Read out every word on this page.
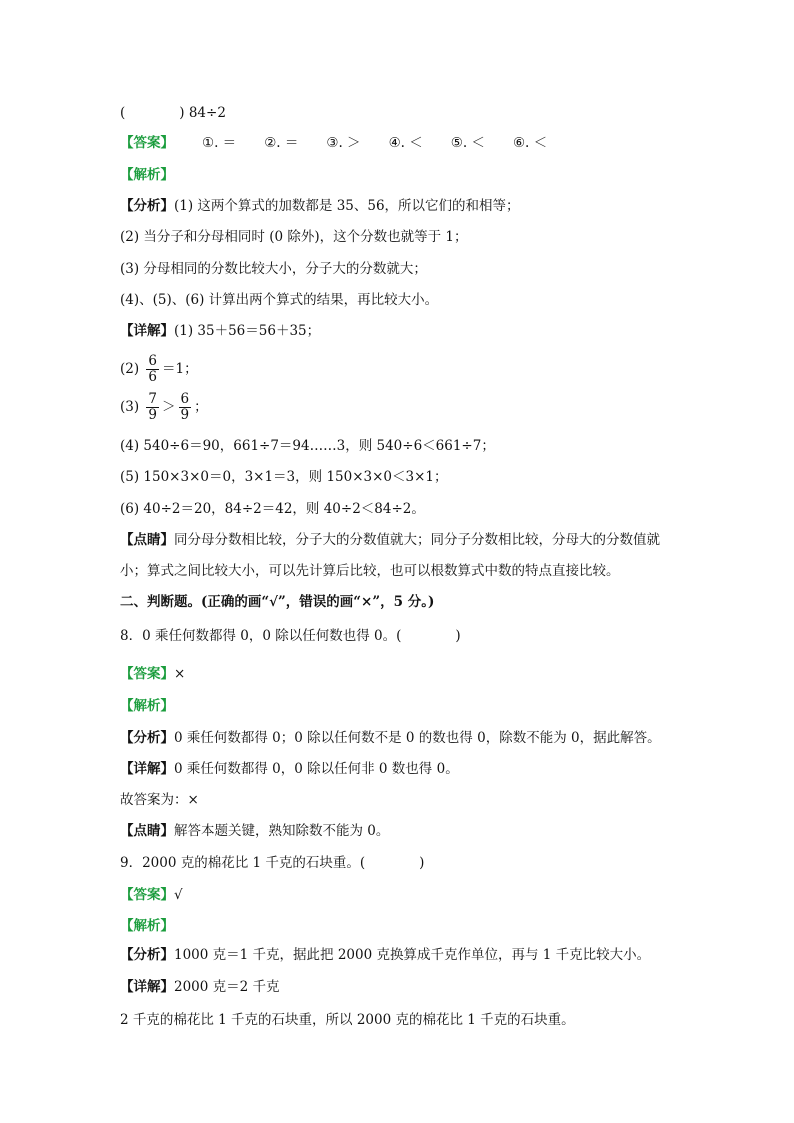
(　　　　) 84÷2
【答案】 ①. ＝ ②. ＝ ③. ＞ ④. ＜ ⑤. ＜ ⑥. ＜
【解析】
【分析】(1) 这两个算式的加数都是 35、56，所以它们的和相等；
(2) 当分子和分母相同时 (0 除外)，这个分数也就等于 1；
(3) 分母相同的分数比较大小，分子大的分数就大；
(4)、(5)、(6) 计算出两个算式的结果，再比较大小。
【详解】(1) 35＋56＝56＋35；
$(2) \frac{6}{6} =1$；
$(3) \frac{7}{9} > \frac{6}{9}$ ；
(4) 540÷6＝90，661÷7＝94……3，则 540÷6＜661÷7；
(5) 150×3×0＝0，3×1＝3，则 150×3×0＜3×1；
(6) 40÷2＝20，84÷2＝42，则 40÷2＜84÷2。
【点睛】同分母分数相比较，分子大的分数值就大；同分子分数相比较，分母大的分数值就
小；算式之间比较大小，可以先计算后比较，也可以根数算式中数的特点直接比较。
二、判断题。(正确的画“√”，错误的画“×”，5 分。)
8．0 乘任何数都得 0，0 除以任何数也得 0。(　　　　)
【答案】×
【解析】
【分析】0 乘任何数都得 0；0 除以任何数不是 0 的数也得 0，除数不能为 0，据此解答。
【详解】0 乘任何数都得 0，0 除以任何非 0 数也得 0。
故答案为：×
【点睛】解答本题关键，熟知除数不能为 0。
9．2000 克的棉花比 1 千克的石块重。(　　　　)
【答案】√
【解析】
【分析】1000 克＝1 千克，据此把 2000 克换算成千克作单位，再与 1 千克比较大小。
【详解】2000 克＝2 千克
2 千克的棉花比 1 千克的石块重，所以 2000 克的棉花比 1 千克的石块重。
